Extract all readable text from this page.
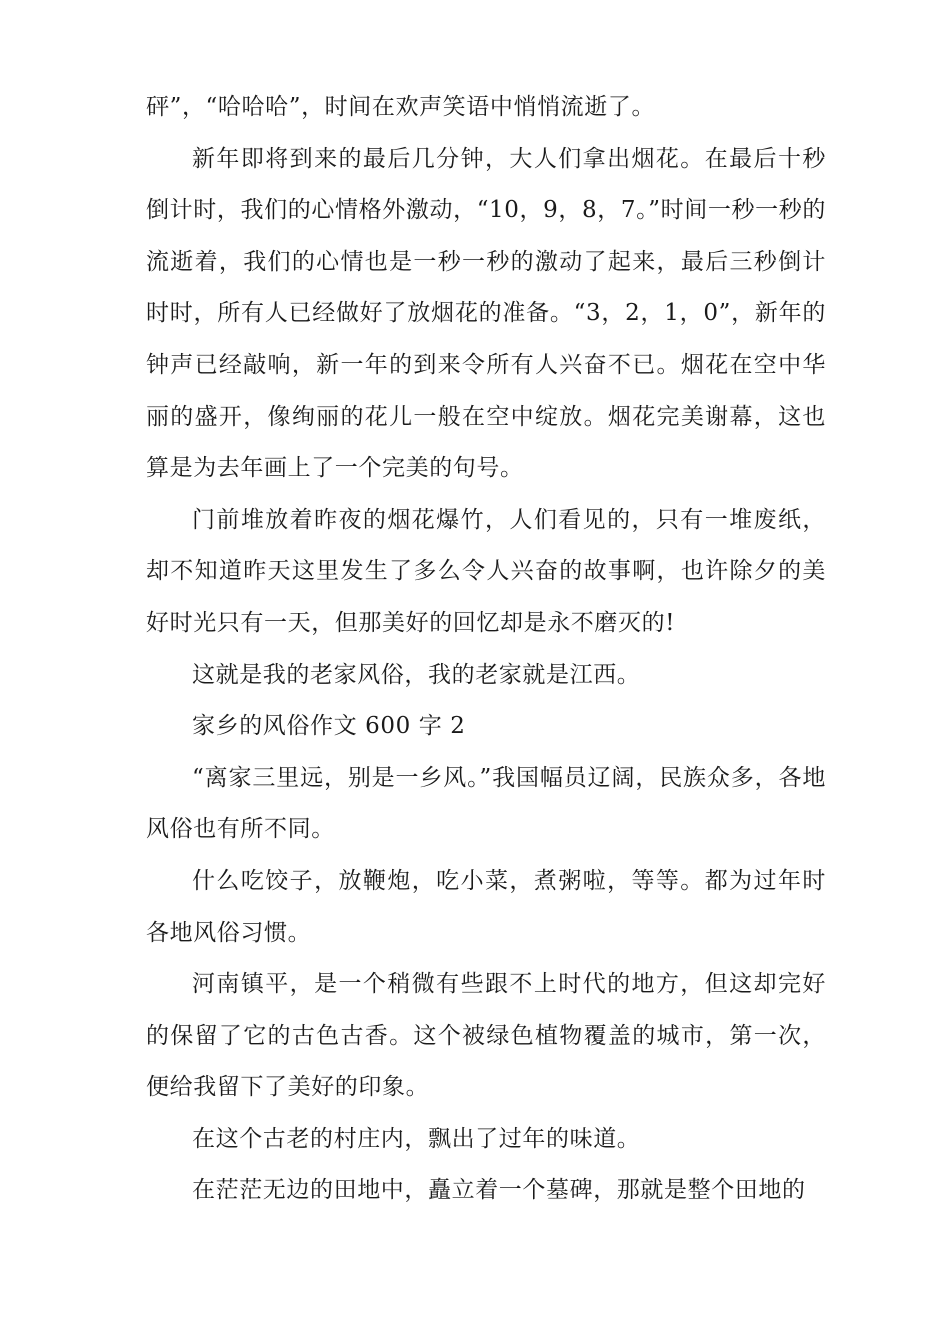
砰”，“哈哈哈”，时间在欢声笑语中悄悄流逝了。

新年即将到来的最后几分钟，大人们拿出烟花。在最后十秒倒计时，我们的心情格外激动，“10，9，8，7。”时间一秒一秒的流逝着，我们的心情也是一秒一秒的激动了起来，最后三秒倒计时时，所有人已经做好了放烟花的准备。“3，2，1，0”，新年的钟声已经敲响，新一年的到来令所有人兴奋不已。烟花在空中华丽的盛开，像绚丽的花儿一般在空中绽放。烟花完美谢幕，这也算是为去年画上了一个完美的句号。

门前堆放着昨夜的烟花爆竹，人们看见的，只有一堆废纸，却不知道昨天这里发生了多么令人兴奋的故事啊，也许除夕的美好时光只有一天，但那美好的回忆却是永不磨灭的!

这就是我的老家风俗，我的老家就是江西。

家乡的风俗作文 600 字 2

“离家三里远，别是一乡风。”我国幅员辽阔，民族众多，各地风俗也有所不同。

什么吃饺子，放鞭炮，吃小菜，煮粥啦，等等。都为过年时各地风俗习惯。

河南镇平，是一个稍微有些跟不上时代的地方，但这却完好的保留了它的古色古香。这个被绿色植物覆盖的城市，第一次，便给我留下了美好的印象。

在这个古老的村庄内，飘出了过年的味道。

在茫茫无边的田地中，矗立着一个墓碑，那就是整个田地的
